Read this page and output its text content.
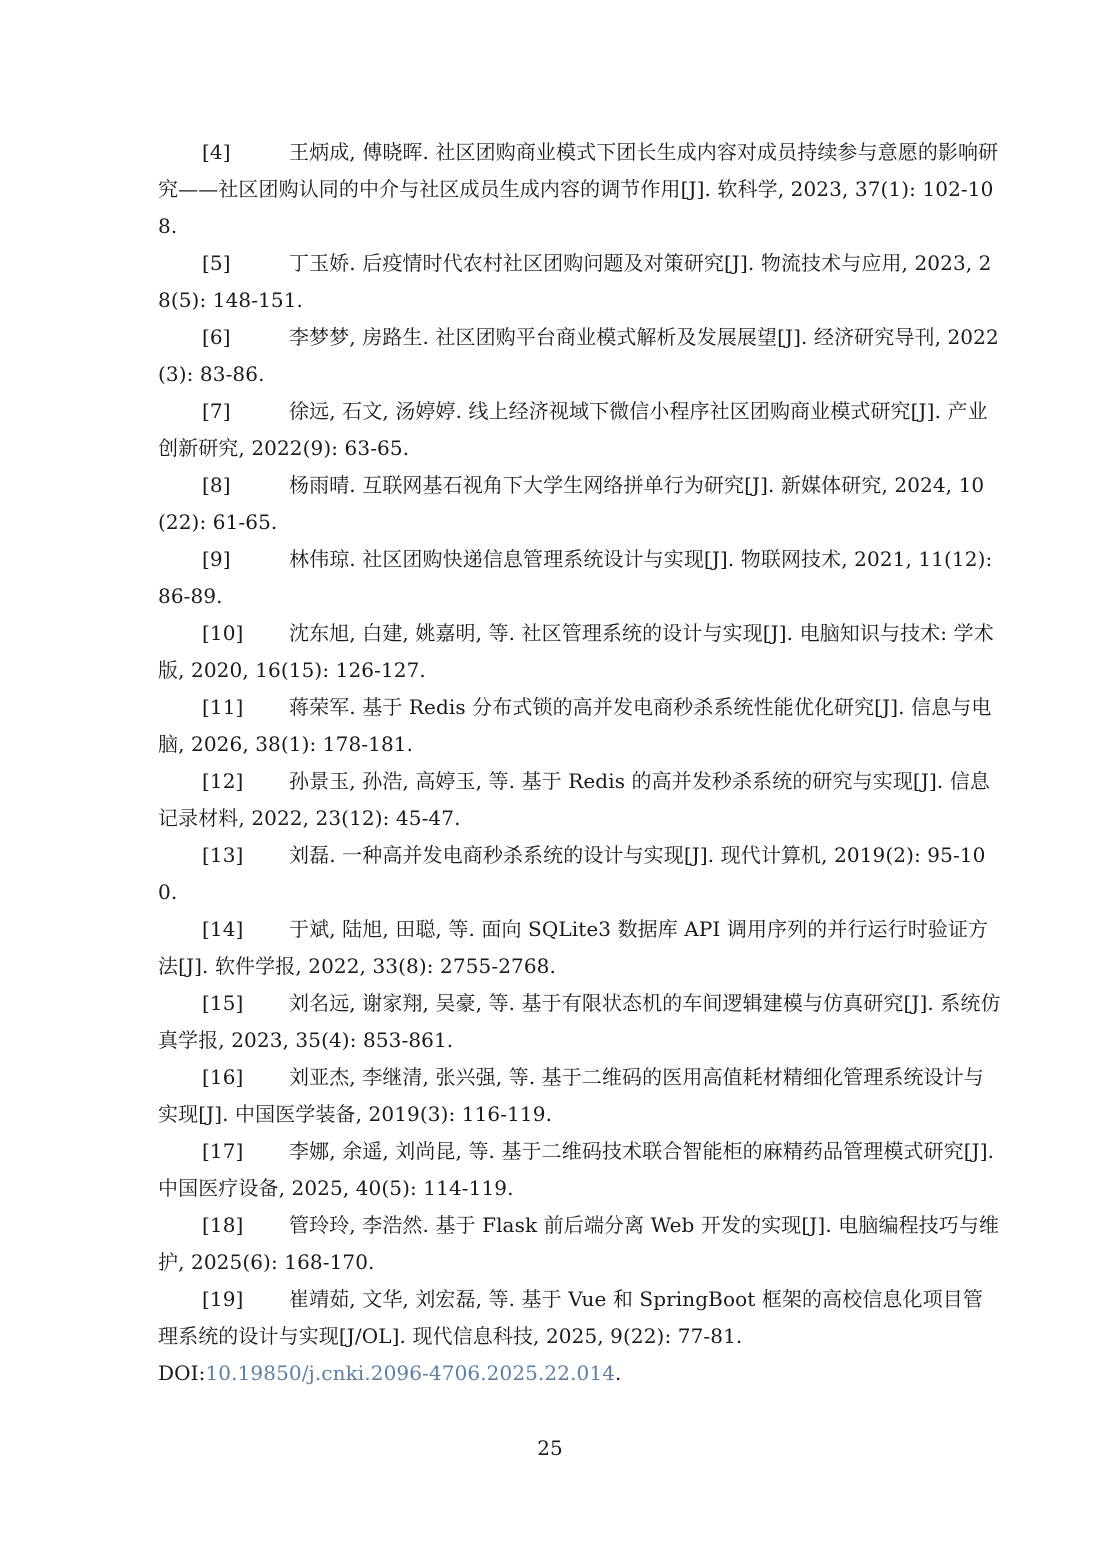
[4]	王炳成, 傅晓晖. 社区团购商业模式下团长生成内容对成员持续参与意愿的影响研究——社区团购认同的中介与社区成员生成内容的调节作用[J]. 软科学, 2023, 37(1): 102-108.
[5]	丁玉娇. 后疫情时代农村社区团购问题及对策研究[J]. 物流技术与应用, 2023, 28(5): 148-151.
[6]	李梦梦, 房路生. 社区团购平台商业模式解析及发展展望[J]. 经济研究导刊, 2022(3): 83-86.
[7]	徐远, 石文, 汤婷婷. 线上经济视域下微信小程序社区团购商业模式研究[J]. 产业创新研究, 2022(9): 63-65.
[8]	杨雨晴. 互联网基石视角下大学生网络拼单行为研究[J]. 新媒体研究, 2024, 10(22): 61-65.
[9]	林伟琼. 社区团购快递信息管理系统设计与实现[J]. 物联网技术, 2021, 11(12): 86-89.
[10] 沈东旭, 白建, 姚嘉明, 等. 社区管理系统的设计与实现[J]. 电脑知识与技术: 学术版, 2020, 16(15): 126-127.
[11] 蒋荣军. 基于 Redis 分布式锁的高并发电商秒杀系统性能优化研究[J]. 信息与电脑, 2026, 38(1): 178-181.
[12] 孙景玉, 孙浩, 高婷玉, 等. 基于 Redis 的高并发秒杀系统的研究与实现[J]. 信息记录材料, 2022, 23(12): 45-47.
[13] 刘磊. 一种高并发电商秒杀系统的设计与实现[J]. 现代计算机, 2019(2): 95-100.
[14] 于斌, 陆旭, 田聪, 等. 面向 SQLite3 数据库 API 调用序列的并行运行时验证方法[J]. 软件学报, 2022, 33(8): 2755-2768.
[15] 刘名远, 谢家翔, 吴豪, 等. 基于有限状态机的车间逻辑建模与仿真研究[J]. 系统仿真学报, 2023, 35(4): 853-861.
[16] 刘亚杰, 李继清, 张兴强, 等. 基于二维码的医用高值耗材精细化管理系统设计与实现[J]. 中国医学装备, 2019(3): 116-119.
[17] 李娜, 余遥, 刘尚昆, 等. 基于二维码技术联合智能柜的麻精药品管理模式研究[J]. 中国医疗设备, 2025, 40(5): 114-119.
[18] 管玲玲, 李浩然. 基于 Flask 前后端分离 Web 开发的实现[J]. 电脑编程技巧与维护, 2025(6): 168-170.
[19] 崔靖茹, 文华, 刘宏磊, 等. 基于 Vue 和 SpringBoot 框架的高校信息化项目管理系统的设计与实现[J/OL]. 现代信息科技, 2025, 9(22): 77-81.
DOI:10.19850/j.cnki.2096-4706.2025.22.014.
25
